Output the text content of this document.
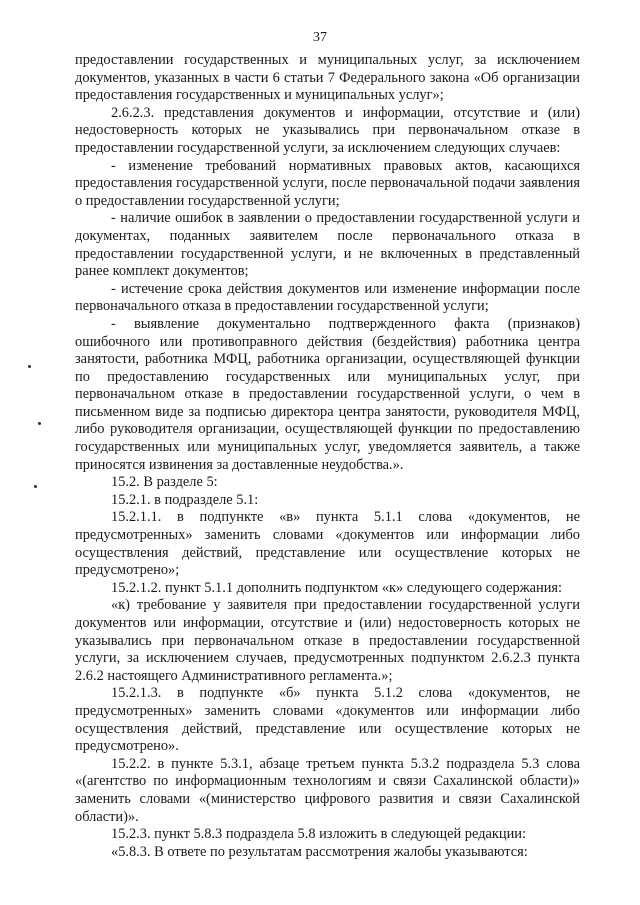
37

предоставлении государственных и муниципальных услуг, за исключением документов, указанных в части 6 статьи 7 Федерального закона «Об организации предоставления государственных и муниципальных услуг»;

2.6.2.3. представления документов и информации, отсутствие и (или) недостоверность которых не указывались при первоначальном отказе в предоставлении государственной услуги, за исключением следующих случаев:

- изменение требований нормативных правовых актов, касающихся предоставления государственной услуги, после первоначальной подачи заявления о предоставлении государственной услуги;

- наличие ошибок в заявлении о предоставлении государственной услуги и документах, поданных заявителем после первоначального отказа в предоставлении государственной услуги, и не включенных в представленный ранее комплект документов;

- истечение срока действия документов или изменение информации после первоначального отказа в предоставлении государственной услуги;

- выявление документально подтвержденного факта (признаков) ошибочного или противоправного действия (бездействия) работника центра занятости, работника МФЦ, работника организации, осуществляющей функции по предоставлению государственных или муниципальных услуг, при первоначальном отказе в предоставлении государственной услуги, о чем в письменном виде за подписью директора центра занятости, руководителя МФЦ, либо руководителя организации, осуществляющей функции по предоставлению государственных или муниципальных услуг, уведомляется заявитель, а также приносятся извинения за доставленные неудобства.».

15.2. В разделе 5:

15.2.1. в подразделе 5.1:

15.2.1.1. в подпункте «в» пункта 5.1.1 слова «документов, не предусмотренных» заменить словами «документов или информации либо осуществления действий, представление или осуществление которых не предусмотрено»;

15.2.1.2. пункт 5.1.1 дополнить подпунктом «к» следующего содержания:

«к) требование у заявителя при предоставлении государственной услуги документов или информации, отсутствие и (или) недостоверность которых не указывались при первоначальном отказе в предоставлении государственной услуги, за исключением случаев, предусмотренных подпунктом 2.6.2.3 пункта 2.6.2 настоящего Административного регламента.»;

15.2.1.3. в подпункте «б» пункта 5.1.2 слова «документов, не предусмотренных» заменить словами «документов или информации либо осуществления действий, представление или осуществление которых не предусмотрено».

15.2.2. в пункте 5.3.1, абзаце третьем пункта 5.3.2 подраздела 5.3 слова «(агентство по информационным технологиям и связи Сахалинской области)» заменить словами «(министерство цифрового развития и связи Сахалинской области)».

15.2.3. пункт 5.8.3 подраздела 5.8 изложить в следующей редакции:

«5.8.3. В ответе по результатам рассмотрения жалобы указываются:
